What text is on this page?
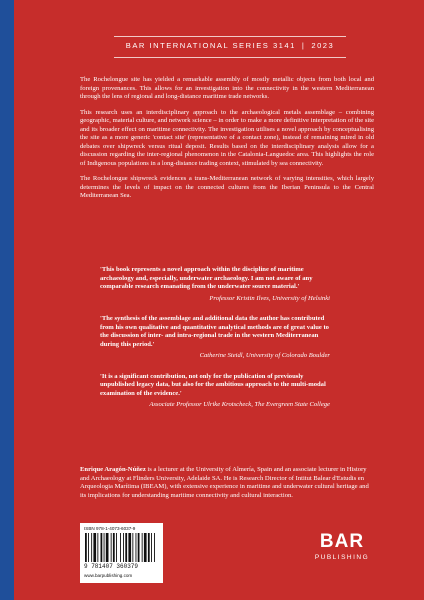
BAR INTERNATIONAL SERIES 3141 | 2023

The Rochelongue site has yielded a remarkable assembly of mostly metallic objects from both local and foreign provenances. This allows for an investigation into the connectivity in the western Mediterranean through the lens of regional and long-distance maritime trade networks.

This research uses an interdisciplinary approach to the archaeological metals assemblage – combining geographic, material culture, and network science – in order to make a more definitive interpretation of the site and its broader effect on maritime connectivity. The investigation utilises a novel approach by conceptualising the site as a more generic 'contact site' (representative of a contact zone), instead of remaining mired in old debates over shipwreck versus ritual deposit. Results based on the interdisciplinary analysis allow for a discussion regarding the inter-regional phenomenon in the Catalonia-Languedoc area. This highlights the role of Indigenous populations in a long-distance trading context, stimulated by sea connectivity.

The Rochelongue shipwreck evidences a trans-Mediterranean network of varying intensities, which largely determines the levels of impact on the connected cultures from the Iberian Peninsula to the Central Mediterranean Sea.

'This book represents a novel approach within the discipline of maritime archaeology and, especially, underwater archaeology. I am not aware of any comparable research emanating from the underwater source material.'
Professor Kristin Ilves, University of Helsinki
'The synthesis of the assemblage and additional data the author has contributed from his own qualitative and quantitative analytical methods are of great value to the discussion of inter- and intra-regional trade in the western Mediterranean during this period.'
Catherine Steidl, University of Colorado Boulder
'It is a significant contribution, not only for the publication of previously unpublished legacy data, but also for the ambitious approach to the multi-modal examination of the evidence.'
Associate Professor Ulrike Krotscheck, The Evergreen State College
Enrique Aragón-Núñez is a lecturer at the University of Almería, Spain and an associate lecturer in History and Archaeology at Flinders University, Adelaide SA. He is Research Director of Intitut Balear d'Estudis en Arqueologia Marítima (IBEAM), with extensive experience in maritime and underwater cultural heritage and its implications for understanding maritime connectivity and cultural interaction.
ISBN 978-1-4073-6037-9
9 781407 360379
www.barpublishing.com
BAR
PUBLISHING
